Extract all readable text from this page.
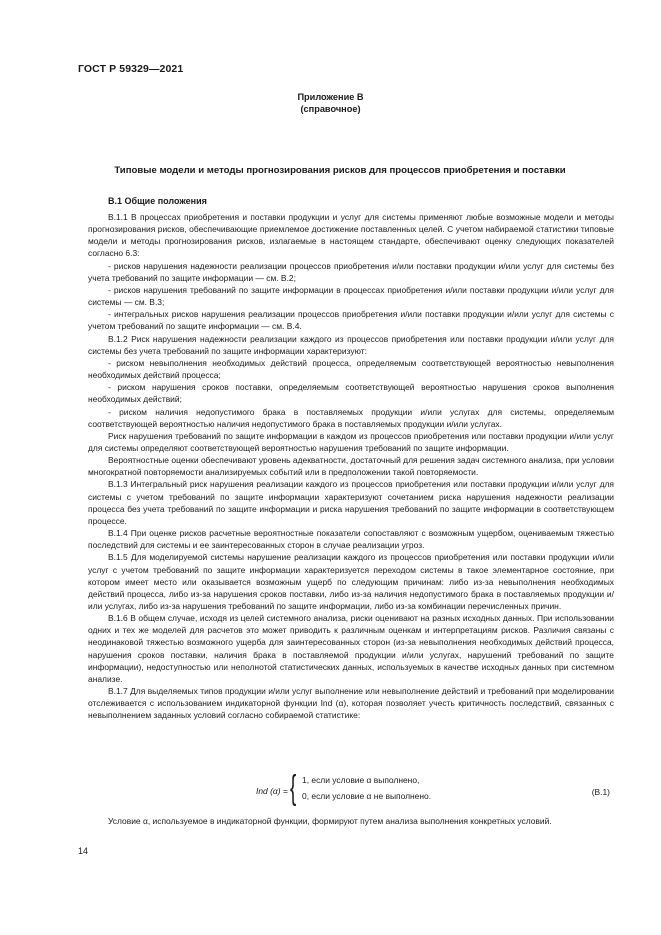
ГОСТ Р 59329—2021
Приложение В
(справочное)
Типовые модели и методы прогнозирования рисков для процессов приобретения и поставки
В.1 Общие положения

В.1.1 В процессах приобретения и поставки продукции и услуг для системы применяют любые возможные модели и методы прогнозирования рисков, обеспечивающие приемлемое достижение поставленных целей. С учетом набираемой статистики типовые модели и методы прогнозирования рисков, излагаемые в настоящем стандарте, обеспечивают оценку следующих показателей согласно 6.3:

- рисков нарушения надежности реализации процессов приобретения и/или поставки продукции и/или услуг для системы без учета требований по защите информации — см. В.2;

- рисков нарушения требований по защите информации в процессах приобретения и/или поставки продукции и/или услуг для системы — см. В.3;

- интегральных рисков нарушения реализации процессов приобретения и/или поставки продукции и/или услуг для системы с учетом требований по защите информации — см. В.4.

В.1.2 Риск нарушения надежности реализации каждого из процессов приобретения или поставки продукции и/или услуг для системы без учета требований по защите информации характеризуют:

- риском невыполнения необходимых действий процесса, определяемым соответствующей вероятностью невыполнения необходимых действий процесса;

- риском нарушения сроков поставки, определяемым соответствующей вероятностью нарушения сроков выполнения необходимых действий;

- риском наличия недопустимого брака в поставляемых продукции и/или услугах для системы, определяемым соответствующей вероятностью наличия недопустимого брака в поставляемых продукции и/или услугах.

Риск нарушения требований по защите информации в каждом из процессов приобретения или поставки продукции и/или услуг для системы определяют соответствующей вероятностью нарушения требований по защите информации.

Вероятностные оценки обеспечивают уровень адекватности, достаточный для решения задач системного анализа, при условии многократной повторяемости анализируемых событий или в предположении такой повторяемости.

В.1.3 Интегральный риск нарушения реализации каждого из процессов приобретения или поставки продукции и/или услуг для системы с учетом требований по защите информации характеризуют сочетанием риска нарушения надежности реализации процесса без учета требований по защите информации и риска нарушения требований по защите информации в соответствующем процессе.

В.1.4 При оценке рисков расчетные вероятностные показатели сопоставляют с возможным ущербом, оцениваемым тяжестью последствий для системы и ее заинтересованных сторон в случае реализации угроз.

В.1.5 Для моделируемой системы нарушение реализации каждого из процессов приобретения или поставки продукции и/или услуг с учетом требований по защите информации характеризуется переходом системы в такое элементарное состояние, при котором имеет место или оказывается возможным ущерб по следующим причинам: либо из-за невыполнения необходимых действий процесса, либо из-за нарушения сроков поставки, либо из-за наличия недопустимого брака в поставляемых продукции и/или услугах, либо из-за нарушения требований по защите информации, либо из-за комбинации перечисленных причин.

В.1.6 В общем случае, исходя из целей системного анализа, риски оценивают на разных исходных данных. При использовании одних и тех же моделей для расчетов это может приводить к различным оценкам и интерпретациям рисков. Различия связаны с неодинаковой тяжестью возможного ущерба для заинтересованных сторон (из-за невыполнения необходимых действий процесса, нарушения сроков поставки, наличия брака в поставляемой продукции и/или услугах, нарушений требований по защите информации), недоступностью или неполнотой статистических данных, используемых в качестве исходных данных при системном анализе.

В.1.7 Для выделяемых типов продукции и/или услуг выполнение или невыполнение действий и требований при моделировании отслеживается с использованием индикаторной функции Ind (α), которая позволяет учесть критичность последствий, связанных с невыполнением заданных условий согласно собираемой статистике:

Ind (α) = { 1, если условие α выполнено,
0, если условие α не выполнено.	(В.1)

Условие α, используемое в индикаторной функции, формируют путем анализа выполнения конкретных условий.

14
